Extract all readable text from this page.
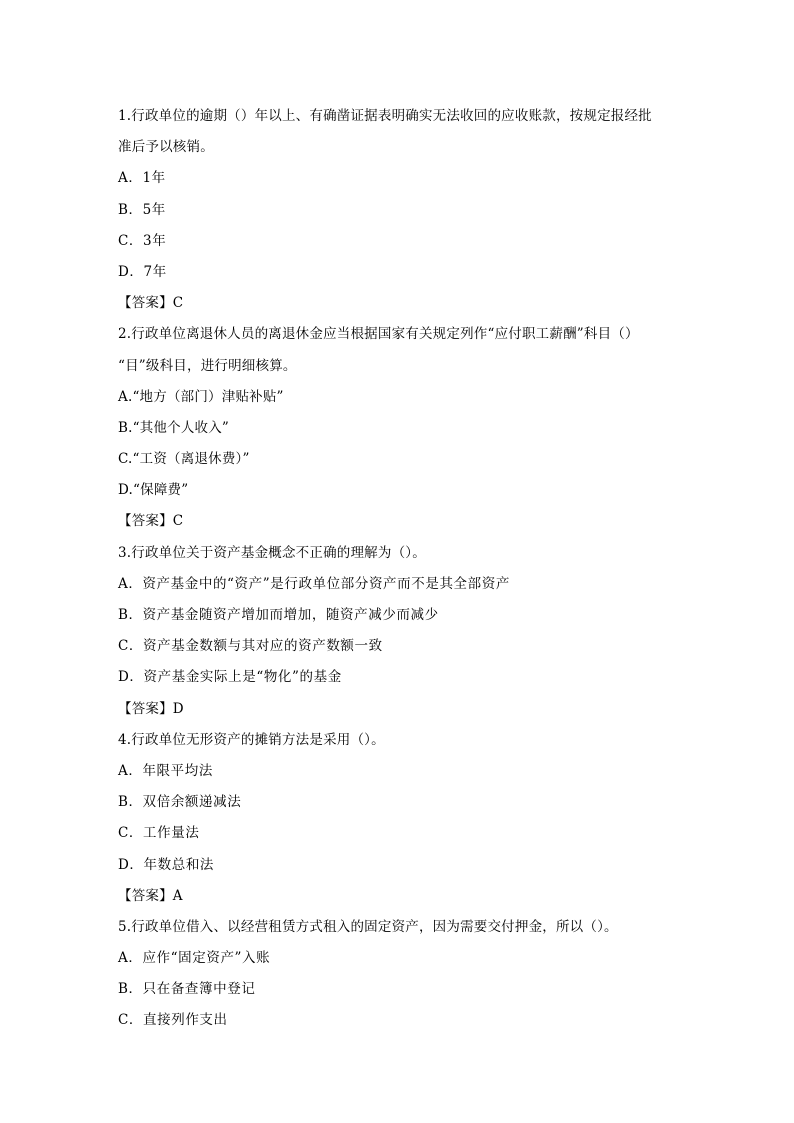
1.行政单位的逾期（）年以上、有确凿证据表明确实无法收回的应收账款，按规定报经批
准后予以核销。
A．1年
B．5年
C．3年
D．7年
【答案】C
2.行政单位离退休人员的离退休金应当根据国家有关规定列作“应付职工薪酬”科目（）
“目”级科目，进行明细核算。
A.“地方（部门）津贴补贴”
B.“其他个人收入”
C.“工资（离退休费）”
D.“保障费”
【答案】C
3.行政单位关于资产基金概念不正确的理解为（）。
A．资产基金中的“资产”是行政单位部分资产而不是其全部资产
B．资产基金随资产增加而增加，随资产减少而减少
C．资产基金数额与其对应的资产数额一致
D．资产基金实际上是“物化”的基金
【答案】D
4.行政单位无形资产的摊销方法是采用（）。
A．年限平均法
B．双倍余额递减法
C．工作量法
D．年数总和法
【答案】A
5.行政单位借入、以经营租赁方式租入的固定资产，因为需要交付押金，所以（）。
A．应作“固定资产”入账
B．只在备查簿中登记
C．直接列作支出
